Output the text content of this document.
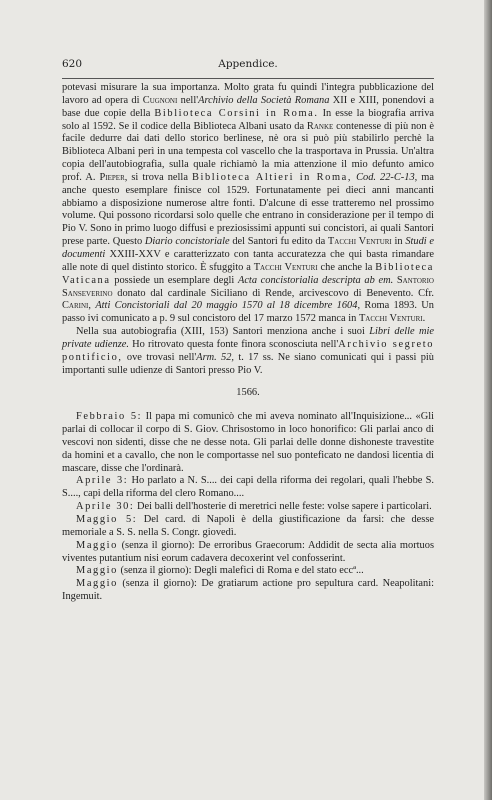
620	Appendice.

potevasi misurare la sua importanza. Molto grata fu quindi l'integra pubblicazione del lavoro ad opera di Cugnoni nell'Archivio della Società Romana XII e XIII, ponendovi a base due copie della Biblioteca Corsini in Roma. In esse la biografia arriva solo al 1592. Se il codice della Biblioteca Albani usato da Ranke contenesse di più non è facile dedurre dai dati dello storico berlinese, nè ora si può più stabilirlo perchè la Biblioteca Albani perì in una tempesta col vascello che la trasportava in Prussia. Un'altra copia dell'autobiografia, sulla quale richiamò la mia attenzione il mio defunto amico prof. A. Pieper, si trova nella Biblioteca Altieri in Roma, Cod. 22-C-13, ma anche questo esemplare finisce col 1529. Fortunatamente pei dieci anni mancanti abbiamo a disposizione numerose altre fonti. D'alcune di esse tratteremo nel prossimo volume. Qui possono ricordarsi solo quelle che entrano in considerazione per il tempo di Pio V. Sono in primo luogo diffusi e preziosissimi appunti sui concistori, ai quali Santori prese parte. Questo Diario concistoriale del Santori fu edito da Tacchi Venturi in Studi e documenti XXIII-XXV e caratterizzato con tanta accuratezza che qui basta rimandare alle note di quel distinto storico. È sfuggito a Tacchi Venturi che anche la Biblioteca Vaticana possiede un esemplare degli Acta concistorialia descripta ab em. Santorio Sanseverino donato dal cardinale Siciliano di Rende, arcivescovo di Benevento. Cfr. Carini, Atti Concistoriali dal 20 maggio 1570 al 18 dicembre 1604, Roma 1893. Un passo ivi comunicato a p. 9 sul concistoro del 17 marzo 1572 manca in Tacchi Venturi.

Nella sua autobiografia (XIII, 153) Santori menziona anche i suoi Libri delle mie private udienze. Ho ritrovato questa fonte finora sconosciuta nell'Archivio segreto pontificio, ove trovasi nell'Arm. 52, t. 17 ss. Ne siano comunicati qui i passi più importanti sulle udienze di Santori presso Pio V.

1566.

Febbraio 5: Il papa mi comunicò che mi aveva nominato all'Inquisizione... «Gli parlai di collocar il corpo di S. Giov. Chrisostomo in loco honorifico: Gli parlai anco di vescovi non sidenti, disse che ne desse nota. Gli parlai delle donne dishoneste travestite da homini et a cavallo, che non le comportasse nel suo ponteficato ne dandosi licentia di mascare, disse che l'ordinarà.

Aprile 3: Ho parlato a N. S.... dei capi della riforma dei regolari, quali l'hebbe S. S...., capi della riforma del clero Romano....

Aprile 30: Dei balli dell'hosterie di meretrici nelle feste: volse sapere i particolari.

Maggio 5: Del card. di Napoli è della giustificazione da farsi: che desse memoriale a S. S. nella S. Congr. giovedì.

Maggio (senza il giorno): De erroribus Graecorum: Addidit de secta alia mortuos viventes putantium nisi eorum cadavera decoxerint vel confosserint.

Maggio (senza il giorno): Degli malefici di Roma e del stato eccª...

Maggio (senza il giorno): De gratiarum actione pro sepultura card. Neapolitani: Ingemuit.
